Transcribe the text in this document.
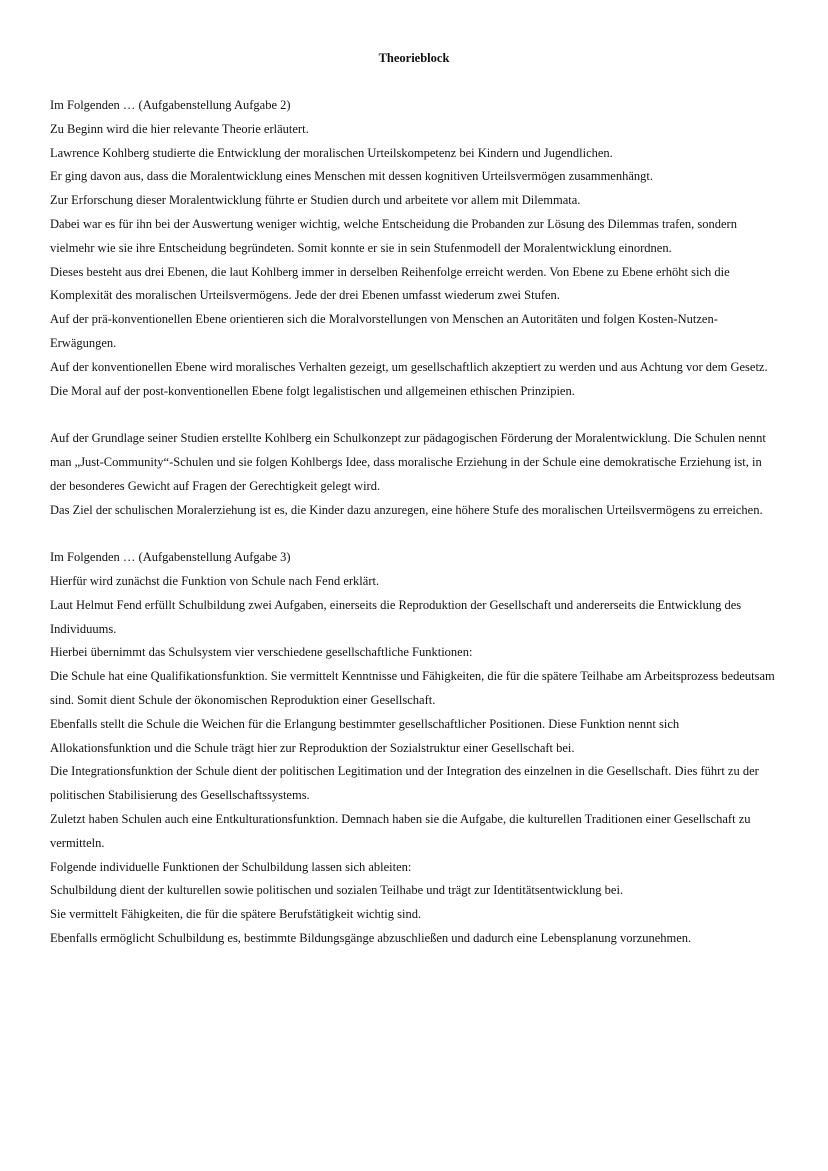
Theorieblock

Im Folgenden … (Aufgabenstellung Aufgabe 2)

Zu Beginn wird die hier relevante Theorie erläutert.

Lawrence Kohlberg studierte die Entwicklung der moralischen Urteilskompetenz bei Kindern und Jugendlichen.

Er ging davon aus, dass die Moralentwicklung eines Menschen mit dessen kognitiven Urteilsvermögen zusammenhängt.

Zur Erforschung dieser Moralentwicklung führte er Studien durch und arbeitete vor allem mit Dilemmata.

Dabei war es für ihn bei der Auswertung weniger wichtig, welche Entscheidung die Probanden zur Lösung des Dilemmas trafen, sondern vielmehr wie sie ihre Entscheidung begründeten. Somit konnte er sie in sein Stufenmodell der Moralentwicklung einordnen.

Dieses besteht aus drei Ebenen, die laut Kohlberg immer in derselben Reihenfolge erreicht werden. Von Ebene zu Ebene erhöht sich die Komplexität des moralischen Urteilsvermögens. Jede der drei Ebenen umfasst wiederum zwei Stufen.

Auf der prä-konventionellen Ebene orientieren sich die Moralvorstellungen von Menschen an Autoritäten und folgen Kosten-Nutzen-Erwägungen.

Auf der konventionellen Ebene wird moralisches Verhalten gezeigt, um gesellschaftlich akzeptiert zu werden und aus Achtung vor dem Gesetz.

Die Moral auf der post-konventionellen Ebene folgt legalistischen und allgemeinen ethischen Prinzipien.

Auf der Grundlage seiner Studien erstellte Kohlberg ein Schulkonzept zur pädagogischen Förderung der Moralentwicklung. Die Schulen nennt man „Just-Community“-Schulen und sie folgen Kohlbergs Idee, dass moralische Erziehung in der Schule eine demokratische Erziehung ist, in der besonderes Gewicht auf Fragen der Gerechtigkeit gelegt wird.

Das Ziel der schulischen Moralerziehung ist es, die Kinder dazu anzuregen, eine höhere Stufe des moralischen Urteilsvermögens zu erreichen.

Im Folgenden … (Aufgabenstellung Aufgabe 3)

Hierfür wird zunächst die Funktion von Schule nach Fend erklärt.

Laut Helmut Fend erfüllt Schulbildung zwei Aufgaben, einerseits die Reproduktion der Gesellschaft und andererseits die Entwicklung des Individuums.

Hierbei übernimmt das Schulsystem vier verschiedene gesellschaftliche Funktionen:

Die Schule hat eine Qualifikationsfunktion. Sie vermittelt Kenntnisse und Fähigkeiten, die für die spätere Teilhabe am Arbeitsprozess bedeutsam sind. Somit dient Schule der ökonomischen Reproduktion einer Gesellschaft.

Ebenfalls stellt die Schule die Weichen für die Erlangung bestimmter gesellschaftlicher Positionen. Diese Funktion nennt sich Allokationsfunktion und die Schule trägt hier zur Reproduktion der Sozialstruktur einer Gesellschaft bei.

Die Integrationsfunktion der Schule dient der politischen Legitimation und der Integration des einzelnen in die Gesellschaft. Dies führt zu der politischen Stabilisierung des Gesellschaftssystems.

Zuletzt haben Schulen auch eine Entkulturationsfunktion. Demnach haben sie die Aufgabe, die kulturellen Traditionen einer Gesellschaft zu vermitteln.

Folgende individuelle Funktionen der Schulbildung lassen sich ableiten:

Schulbildung dient der kulturellen sowie politischen und sozialen Teilhabe und trägt zur Identitätsentwicklung bei.

Sie vermittelt Fähigkeiten, die für die spätere Berufstätigkeit wichtig sind.

Ebenfalls ermöglicht Schulbildung es, bestimmte Bildungsgänge abzuschließen und dadurch eine Lebensplanung vorzunehmen.
